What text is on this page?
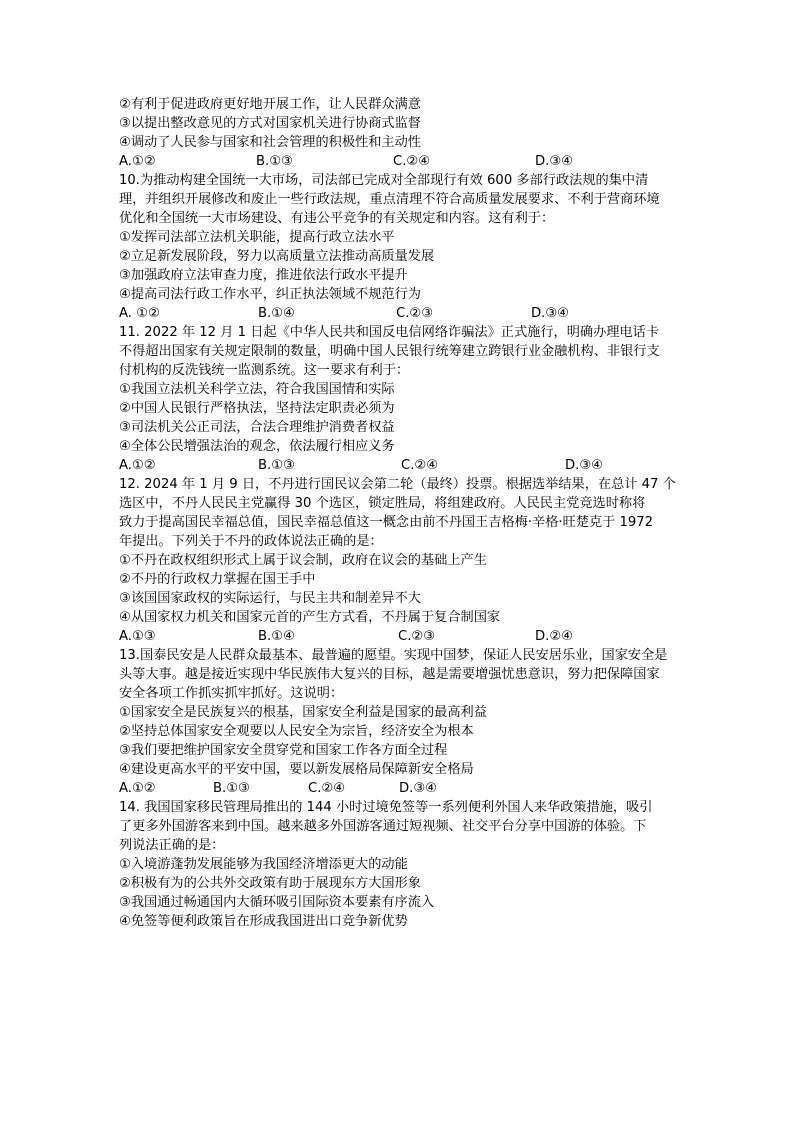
②有利于促进政府更好地开展工作，让人民群众满意

③以提出整改意见的方式对国家机关进行协商式监督

④调动了人民参与国家和社会管理的积极性和主动性

A.①②	B.①③	C.②④	D.③④

10.为推动构建全国统一大市场，司法部已完成对全部现行有效 600 多部行政法规的集中清

理，并组织开展修改和废止一些行政法规，重点清理不符合高质量发展要求、不利于营商环境

优化和全国统一大市场建设、有违公平竞争的有关规定和内容。这有利于：

①发挥司法部立法机关职能，提高行政立法水平

②立足新发展阶段，努力以高质量立法推动高质量发展

③加强政府立法审查力度，推进依法行政水平提升

④提高司法行政工作水平，纠正执法领域不规范行为

A. ①②	B.①④	C.②③	D.③④

11. 2022 年 12 月 1 日起《中华人民共和国反电信网络诈骗法》正式施行，明确办理电话卡

不得超出国家有关规定限制的数量，明确中国人民银行统筹建立跨银行业金融机构、非银行支

付机构的反洗钱统一监测系统。这一要求有利于：

①我国立法机关科学立法，符合我国国情和实际

②中国人民银行严格执法，坚持法定职责必须为

③司法机关公正司法，合法合理维护消费者权益

④全体公民增强法治的观念，依法履行相应义务

A.①②	B.①③	C.②④	D.③④

12. 2024 年 1 月 9 日，不丹进行国民议会第二轮（最终）投票。根据选举结果，在总计 47 个

选区中，不丹人民民主党赢得 30 个选区，锁定胜局，将组建政府。人民民主党竞选时称将

致力于提高国民幸福总值，国民幸福总值这一概念由前不丹国王吉格梅·辛格·旺楚克于 1972

年提出。下列关于不丹的政体说法正确的是：

①不丹在政权组织形式上属于议会制，政府在议会的基础上产生

②不丹的行政权力掌握在国王手中

③该国国家政权的实际运行，与民主共和制差异不大

④从国家权力机关和国家元首的产生方式看，不丹属于复合制国家

A.①③	B.①④	C.②③	D.②④

13.国泰民安是人民群众最基本、最普遍的愿望。实现中国梦，保证人民安居乐业，国家安全是

头等大事。越是接近实现中华民族伟大复兴的目标，越是需要增强忧患意识，努力把保障国家

安全各项工作抓实抓牢抓好。这说明：

①国家安全是民族复兴的根基，国家安全利益是国家的最高利益

②坚持总体国家安全观要以人民安全为宗旨，经济安全为根本

③我们要把维护国家安全贯穿党和国家工作各方面全过程

④建设更高水平的平安中国，要以新发展格局保障新安全格局

A.①②	B.①③	C.②④	D.③④

14. 我国国家移民管理局推出的 144 小时过境免签等一系列便利外国人来华政策措施，吸引

了更多外国游客来到中国。越来越多外国游客通过短视频、社交平台分享中国游的体验。下

列说法正确的是：

①入境游蓬勃发展能够为我国经济增添更大的动能

②积极有为的公共外交政策有助于展现东方大国形象

③我国通过畅通国内大循环吸引国际资本要素有序流入

④免签等便利政策旨在形成我国进出口竞争新优势
